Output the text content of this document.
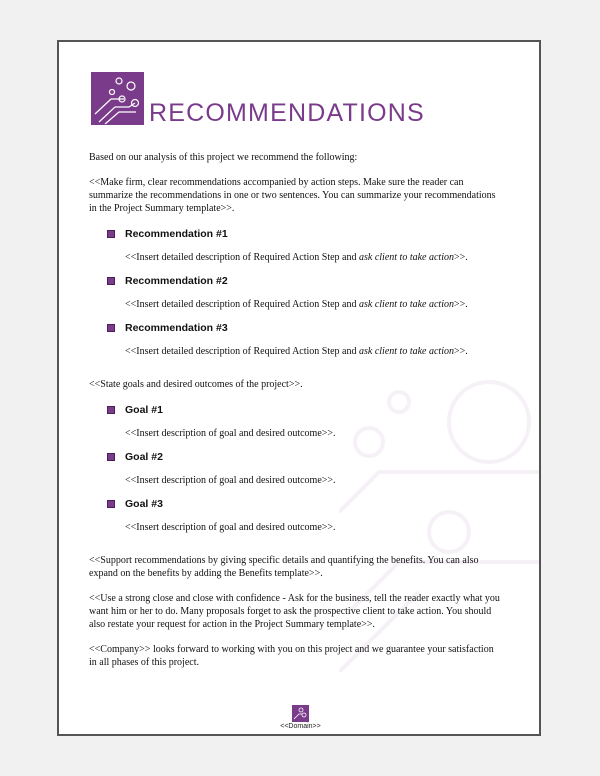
RECOMMENDATIONS

Based on our analysis of this project we recommend the following:

<<Make firm, clear recommendations accompanied by action steps. Make sure the reader can summarize the recommendations in one or two sentences. You can summarize your recommendations in the Project Summary template>>.

Recommendation #1

<<Insert detailed description of Required Action Step and ask client to take action>>.

Recommendation #2

<<Insert detailed description of Required Action Step and ask client to take action>>.

Recommendation #3

<<Insert detailed description of Required Action Step and ask client to take action>>.

<<State goals and desired outcomes of the project>>.

Goal #1

<<Insert description of goal and desired outcome>>.

Goal #2

<<Insert description of goal and desired outcome>>.

Goal #3

<<Insert description of goal and desired outcome>>.

<<Support recommendations by giving specific details and quantifying the benefits. You can also expand on the benefits by adding the Benefits template>>.

<<Use a strong close and close with confidence - Ask for the business, tell the reader exactly what you want him or her to do. Many proposals forget to ask the prospective client to take action. You should also restate your request for action in the Project Summary template>>.

<<Company>> looks forward to working with you on this project and we guarantee your satisfaction in all phases of this project.

<<Domain>>
